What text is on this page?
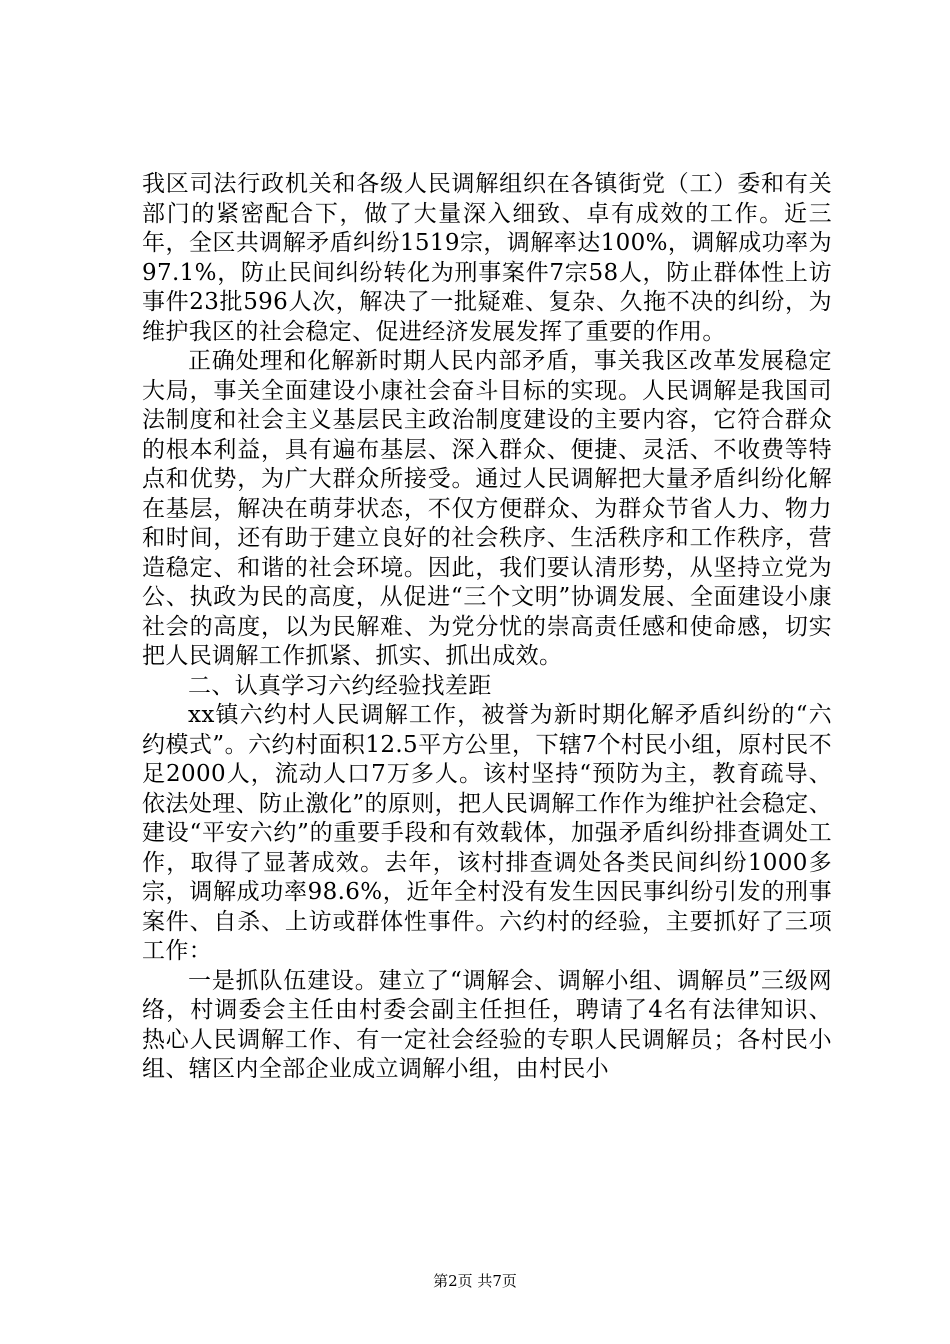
我区司法行政机关和各级人民调解组织在各镇街党（工）委和有关部门的紧密配合下，做了大量深入细致、卓有成效的工作。近三年，全区共调解矛盾纠纷1519宗，调解率达100%，调解成功率为97.1%，防止民间纠纷转化为刑事案件7宗58人，防止群体性上访事件23批596人次，解决了一批疑难、复杂、久拖不决的纠纷，为维护我区的社会稳定、促进经济发展发挥了重要的作用。

正确处理和化解新时期人民内部矛盾，事关我区改革发展稳定大局，事关全面建设小康社会奋斗目标的实现。人民调解是我国司法制度和社会主义基层民主政治制度建设的主要内容，它符合群众的根本利益，具有遍布基层、深入群众、便捷、灵活、不收费等特点和优势，为广大群众所接受。通过人民调解把大量矛盾纠纷化解在基层，解决在萌芽状态，不仅方便群众、为群众节省人力、物力和时间，还有助于建立良好的社会秩序、生活秩序和工作秩序，营造稳定、和谐的社会环境。因此，我们要认清形势，从坚持立党为公、执政为民的高度，从促进“三个文明”协调发展、全面建设小康社会的高度，以为民解难、为党分忧的崇高责任感和使命感，切实把人民调解工作抓紧、抓实、抓出成效。

二、认真学习六约经验找差距

xx镇六约村人民调解工作，被誉为新时期化解矛盾纠纷的“六约模式”。六约村面积12.5平方公里，下辖7个村民小组，原村民不足2000人，流动人口7万多人。该村坚持“预防为主，教育疏导、依法处理、防止激化”的原则，把人民调解工作作为维护社会稳定、建设“平安六约”的重要手段和有效载体，加强矛盾纠纷排查调处工作，取得了显著成效。去年，该村排查调处各类民间纠纷1000多宗，调解成功率98.6%，近年全村没有发生因民事纠纷引发的刑事案件、自杀、上访或群体性事件。六约村的经验，主要抓好了三项工作：

一是抓队伍建设。建立了“调解会、调解小组、调解员”三级网络，村调委会主任由村委会副主任担任，聘请了4名有法律知识、热心人民调解工作、有一定社会经验的专职人民调解员；各村民小组、辖区内全部企业成立调解小组，由村民小

第2页 共7页
